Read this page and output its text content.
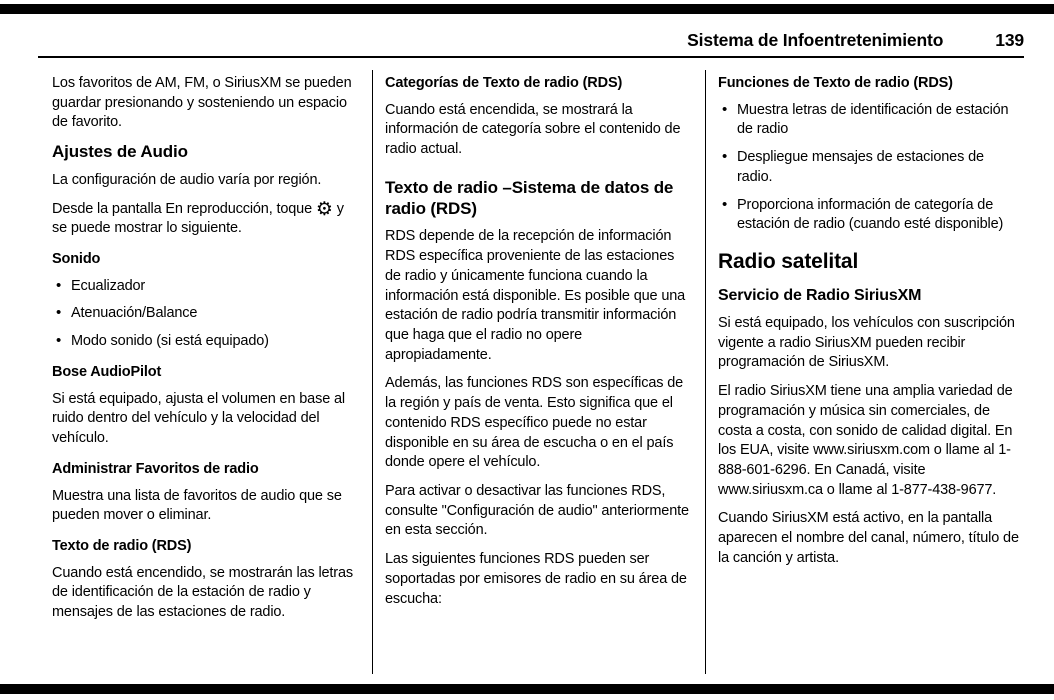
Sistema de Infoentretenimiento	139

Los favoritos de AM, FM, o SiriusXM se pueden guardar presionando y sosteniendo un espacio de favorito.

Ajustes de Audio

La configuración de audio varía por región.

Desde la pantalla En reproducción, toque ⚙ y se puede mostrar lo siguiente.

Sonido
• Ecualizador
• Atenuación/Balance
• Modo sonido (si está equipado)
Bose AudioPilot

Si está equipado, ajusta el volumen en base al ruido dentro del vehículo y la velocidad del vehículo.

Administrar Favoritos de radio

Muestra una lista de favoritos de audio que se pueden mover o eliminar.

Texto de radio (RDS)

Cuando está encendido, se mostrarán las letras de identificación de la estación de radio y mensajes de las estaciones de radio.

Categorías de Texto de radio (RDS)

Cuando está encendida, se mostrará la información de categoría sobre el contenido de radio actual.

Texto de radio –Sistema de datos de radio (RDS)

RDS depende de la recepción de información RDS específica proveniente de las estaciones de radio y únicamente funciona cuando la información está disponible. Es posible que una estación de radio podría transmitir información que haga que el radio no opere apropiadamente.

Además, las funciones RDS son específicas de la región y país de venta. Esto significa que el contenido RDS específico puede no estar disponible en su área de escucha o en el país donde opere el vehículo.

Para activar o desactivar las funciones RDS, consulte "Configuración de audio" anteriormente en esta sección.

Las siguientes funciones RDS pueden ser soportadas por emisores de radio en su área de escucha:

Funciones de Texto de radio (RDS)
• Muestra letras de identificación de estación de radio
• Despliegue mensajes de estaciones de radio.
• Proporciona información de categoría de estación de radio (cuando esté disponible)
Radio satelital
Servicio de Radio SiriusXM

Si está equipado, los vehículos con suscripción vigente a radio SiriusXM pueden recibir programación de SiriusXM.

El radio SiriusXM tiene una amplia variedad de programación y música sin comerciales, de costa a costa, con sonido de calidad digital. En los EUA, visite www.siriusxm.com o llame al 1-888-601-6296. En Canadá, visite www.siriusxm.ca o llame al 1-877-438-9677.

Cuando SiriusXM está activo, en la pantalla aparecen el nombre del canal, número, título de la canción y artista.
